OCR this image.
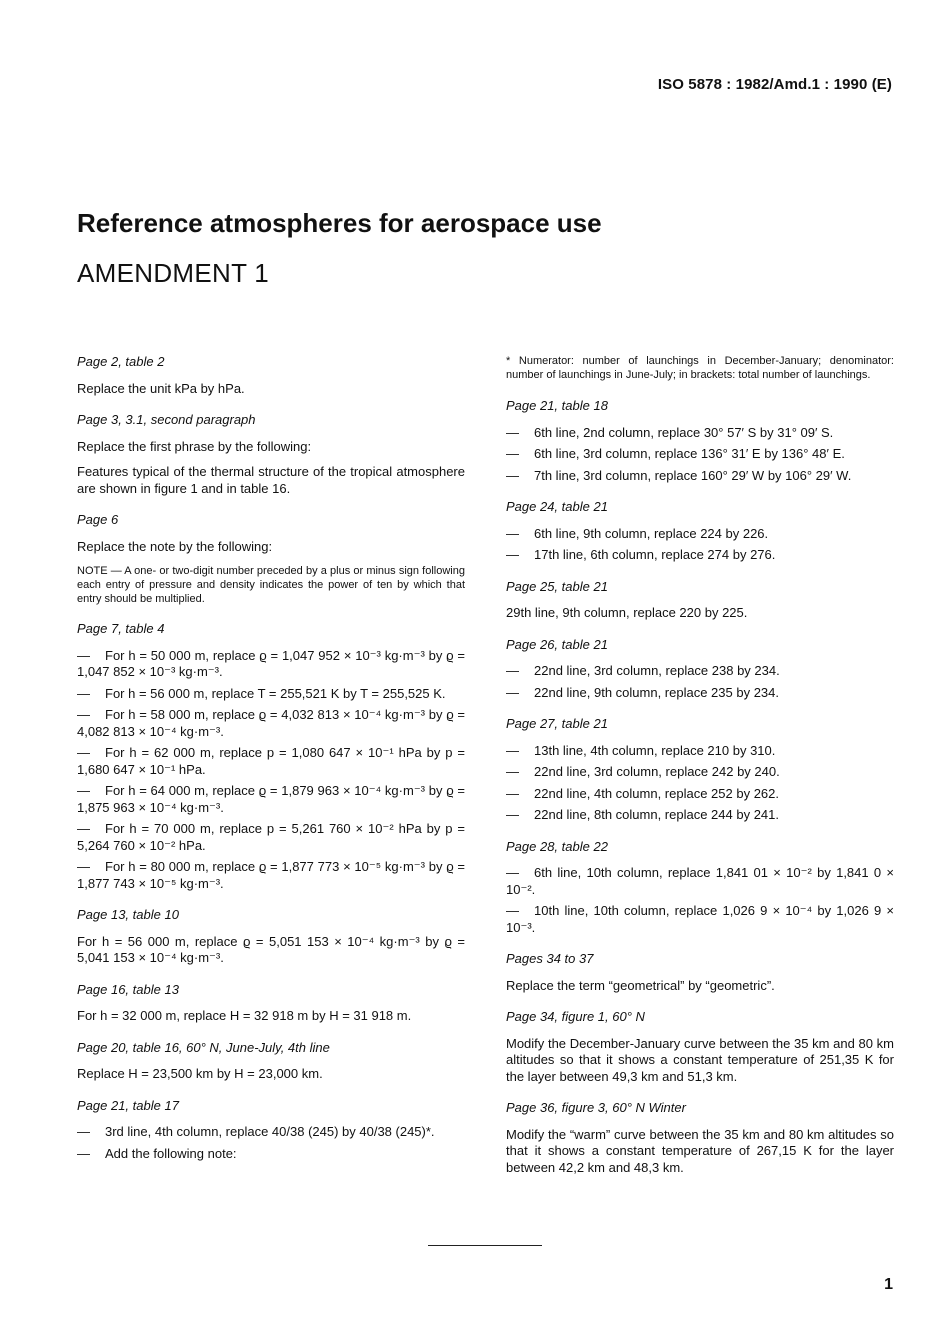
ISO 5878 : 1982/Amd.1 : 1990 (E)
Reference atmospheres for aerospace use
AMENDMENT 1
Page 2, table 2

Replace the unit kPa by hPa.

Page 3, 3.1, second paragraph

Replace the first phrase by the following:

Features typical of the thermal structure of the tropical atmosphere are shown in figure 1 and in table 16.

Page 6

Replace the note by the following:

NOTE — A one- or two-digit number preceded by a plus or minus sign following each entry of pressure and density indicates the power of ten by which that entry should be multiplied.

Page 7, table 4
— For h = 50 000 m, replace ϱ = 1,047 952 × 10⁻³ kg·m⁻³ by ϱ = 1,047 852 × 10⁻³ kg·m⁻³.
— For h = 56 000 m, replace T = 255,521 K by T = 255,525 K.
— For h = 58 000 m, replace ϱ = 4,032 813 × 10⁻⁴ kg·m⁻³ by ϱ = 4,082 813 × 10⁻⁴ kg·m⁻³.
— For h = 62 000 m, replace p = 1,080 647 × 10⁻¹ hPa by p = 1,680 647 × 10⁻¹ hPa.
— For h = 64 000 m, replace ϱ = 1,879 963 × 10⁻⁴ kg·m⁻³ by ϱ = 1,875 963 × 10⁻⁴ kg·m⁻³.
— For h = 70 000 m, replace p = 5,261 760 × 10⁻² hPa by p = 5,264 760 × 10⁻² hPa.
— For h = 80 000 m, replace ϱ = 1,877 773 × 10⁻⁵ kg·m⁻³ by ϱ = 1,877 743 × 10⁻⁵ kg·m⁻³.
Page 13, table 10

For h = 56 000 m, replace ϱ = 5,051 153 × 10⁻⁴ kg·m⁻³ by ϱ = 5,041 153 × 10⁻⁴ kg·m⁻³.

Page 16, table 13

For h = 32 000 m, replace H = 32 918 m by H = 31 918 m.

Page 20, table 16, 60° N, June-July, 4th line

Replace H = 23,500 km by H = 23,000 km.

Page 21, table 17
— 3rd line, 4th column, replace 40/38 (245) by 40/38 (245)*.
— Add the following note:

* Numerator: number of launchings in December-January; denominator: number of launchings in June-July; in brackets: total number of launchings.

Page 21, table 18
— 6th line, 2nd column, replace 30° 57′ S by 31° 09′ S.
— 6th line, 3rd column, replace 136° 31′ E by 136° 48′ E.
— 7th line, 3rd column, replace 160° 29′ W by 106° 29′ W.
Page 24, table 21
— 6th line, 9th column, replace 224 by 226.
— 17th line, 6th column, replace 274 by 276.
Page 25, table 21

29th line, 9th column, replace 220 by 225.

Page 26, table 21
— 22nd line, 3rd column, replace 238 by 234.
— 22nd line, 9th column, replace 235 by 234.
Page 27, table 21
— 13th line, 4th column, replace 210 by 310.
— 22nd line, 3rd column, replace 242 by 240.
— 22nd line, 4th column, replace 252 by 262.
— 22nd line, 8th column, replace 244 by 241.
Page 28, table 22
— 6th line, 10th column, replace 1,841 01 × 10⁻² by 1,841 0 × 10⁻².
— 10th line, 10th column, replace 1,026 9 × 10⁻⁴ by 1,026 9 × 10⁻³.
Pages 34 to 37

Replace the term “geometrical” by “geometric”.

Page 34, figure 1, 60° N

Modify the December-January curve between the 35 km and 80 km altitudes so that it shows a constant temperature of 251,35 K for the layer between 49,3 km and 51,3 km.

Page 36, figure 3, 60° N Winter

Modify the “warm” curve between the 35 km and 80 km altitudes so that it shows a constant temperature of 267,15 K for the layer between 42,2 km and 48,3 km.

1
